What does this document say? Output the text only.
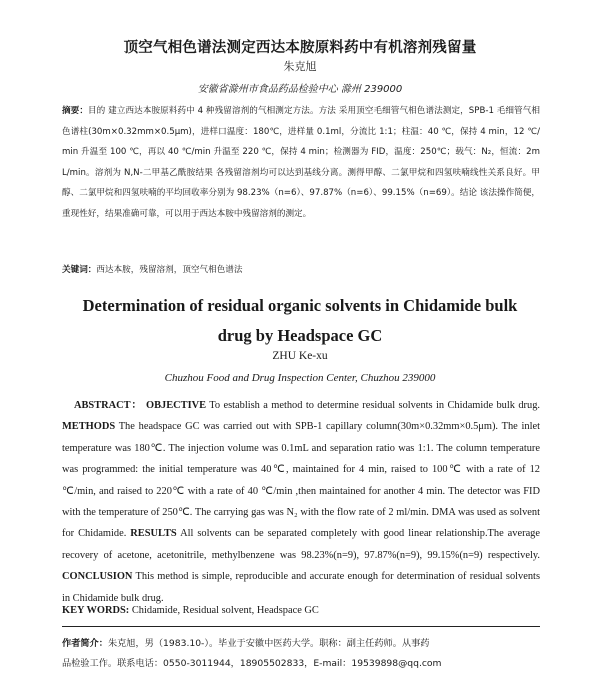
顶空气相色谱法测定西达本胺原料药中有机溶剂残留量
朱克旭
安徽省滁州市食品药品检验中心 滁州 239000
摘要：目的 建立西达本胺原料药中 4 种残留溶剂的气相测定方法。方法 采用顶空毛细管气相色谱法测定，SPB-1 毛细管气相色谱柱(30m×0.32mm×0.5μm)，进样口温度：180℃，进样量 0.1ml，分流比 1:1；柱温：40 ℃，保持 4 min，12 ℃/min 升温至 100 ℃，再以 40 ℃/min 升温至 220 ℃，保持 4 min；检测器为 FID，温度：250℃；载气：N₂，恒流：2mL/min。溶剂为 N,N-二甲基乙酰胺结果 各残留溶剂均可以达到基线分离。测得甲醇、二氯甲烷和四氢呋喃线性关系良好。甲醇、二氯甲烷和四氢呋喃的平均回收率分别为 98.23%（n=6）、97.87%（n=6）、99.15%（n=69）。结论 该法操作简便，重现性好，结果准确可靠，可以用于西达本胺中残留溶剂的测定。
关键词：西达本胺，残留溶剂，顶空气相色谱法
Determination of residual organic solvents in Chidamide bulk
drug by Headspace GC
ZHU Ke-xu
Chuzhou Food and Drug Inspection Center, Chuzhou 239000
ABSTRACT： OBJECTIVE To establish a method to determine residual solvents in Chidamide bulk drug. METHODS The headspace GC was carried out with SPB-1 capillary column(30m×0.32mm×0.5μm). The inlet temperature was 180℃. The injection volume was 0.1mL and separation ratio was 1:1. The column temperature was programmed: the initial temperature was 40℃, maintained for 4 min, raised to 100℃ with a rate of 12 ℃/min, and raised to 220℃ with a rate of 40 ℃/min ,then maintained for another 4 min. The detector was FID with the temperature of 250℃. The carrying gas was N₂ with the flow rate of 2 ml/min. DMA was used as solvent for Chidamide. RESULTS All solvents can be separated completely with good linear relationship.The average recovery of acetone, acetonitrile, methylbenzene was 98.23%(n=9), 97.87%(n=9), 99.15%(n=9) respectively. CONCLUSION This method is simple, reproducible and accurate enough for determination of residual solvents in Chidamide bulk drug.
KEY WORDS: Chidamide, Residual solvent, Headspace GC
作者简介：朱克旭，男（1983.10-）。毕业于安徽中医药大学。职称：副主任药师。从事药
品检验工作。联系电话：0550-3011944，18905502833，E-mail：19539898@qq.com
